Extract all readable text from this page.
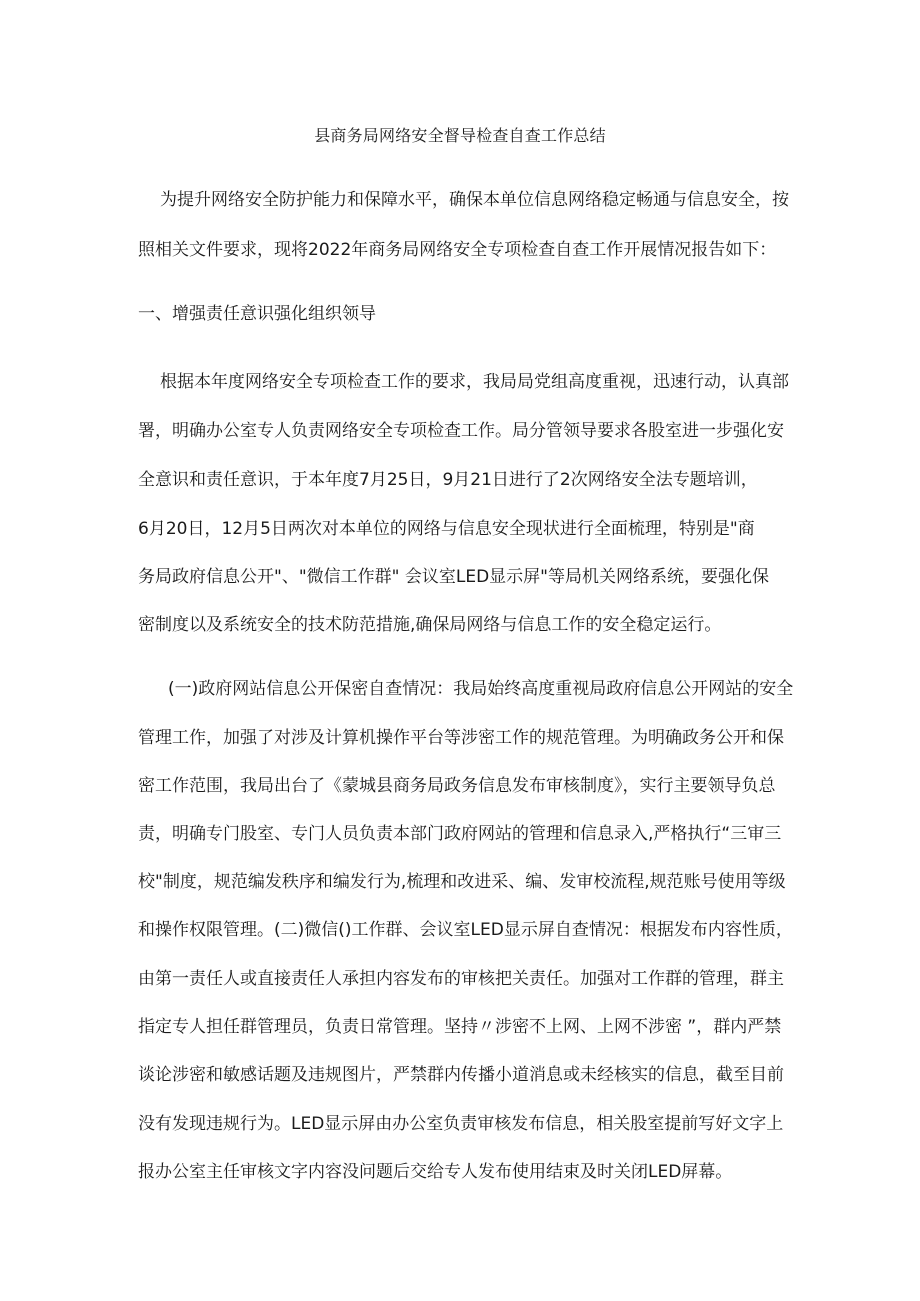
县商务局网络安全督导检查自查工作总结
为提升网络安全防护能力和保障水平，确保本单位信息网络稳定畅通与信息安全，按
照相关文件要求，现将2022年商务局网络安全专项检查自查工作开展情况报告如下：
一、增强责任意识强化组织领导
根据本年度网络安全专项检查工作的要求，我局局党组高度重视，迅速行动，认真部
署，明确办公室专人负责网络安全专项检查工作。局分管领导要求各股室进一步强化安
全意识和责任意识，于本年度7月25日，9月21日进行了2次网络安全法专题培训，
6月20日，12月5日两次对本单位的网络与信息安全现状进行全面梳理，特别是"商
务局政府信息公开"、"微信工作群" 会议室LED显示屏"等局机关网络系统，要强化保
密制度以及系统安全的技术防范措施,确保局网络与信息工作的安全稳定运行。
(一)政府网站信息公开保密自查情况：我局始终高度重视局政府信息公开网站的安全
管理工作，加强了对涉及计算机操作平台等涉密工作的规范管理。为明确政务公开和保
密工作范围，我局出台了《蒙城县商务局政务信息发布审核制度》，实行主要领导负总
责，明确专门股室、专门人员负责本部门政府网站的管理和信息录入,严格执行“三审三
校"制度，规范编发秩序和编发行为,梳理和改进采、编、发审校流程,规范账号使用等级
和操作权限管理。(二)微信()工作群、会议室LED显示屏自查情况：根据发布内容性质，
由第一责任人或直接责任人承担内容发布的审核把关责任。加强对工作群的管理，群主
指定专人担任群管理员，负责日常管理。坚持〃涉密不上网、上网不涉密 ”，群内严禁
谈论涉密和敏感话题及违规图片，严禁群内传播小道消息或未经核实的信息，截至目前
没有发现违规行为。LED显示屏由办公室负责审核发布信息，相关股室提前写好文字上
报办公室主任审核文字内容没问题后交给专人发布使用结束及时关闭LED屏幕。
